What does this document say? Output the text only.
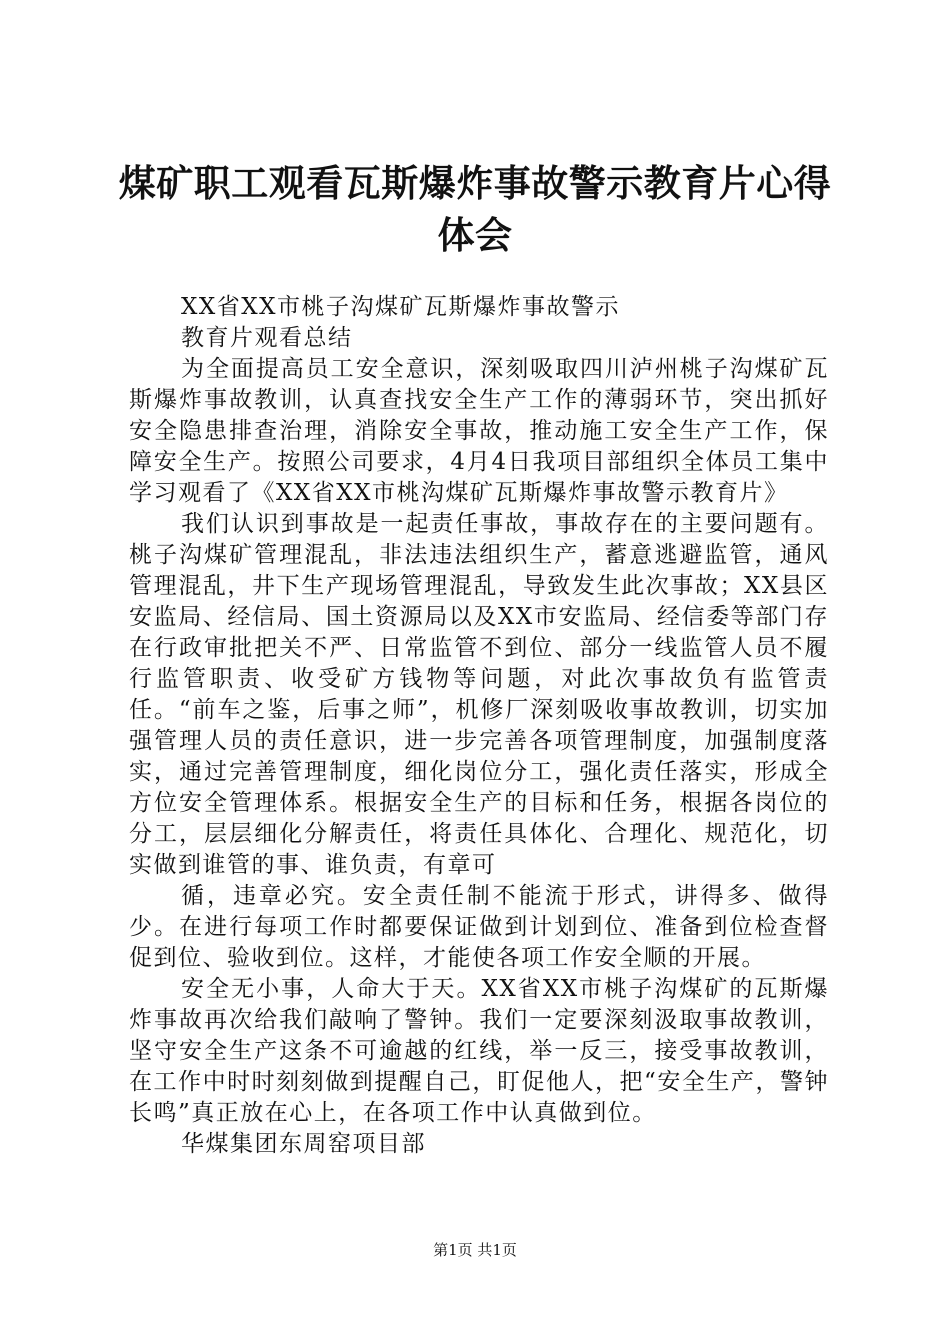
煤矿职工观看瓦斯爆炸事故警示教育片心得体会

XX省XX市桃子沟煤矿瓦斯爆炸事故警示

教育片观看总结

为全面提高员工安全意识，深刻吸取四川泸州桃子沟煤矿瓦斯爆炸事故教训，认真查找安全生产工作的薄弱环节，突出抓好安全隐患排查治理，消除安全事故，推动施工安全生产工作，保障安全生产。按照公司要求，4月4日我项目部组织全体员工集中学习观看了《XX省XX市桃沟煤矿瓦斯爆炸事故警示教育片》

我们认识到事故是一起责任事故，事故存在的主要问题有。桃子沟煤矿管理混乱，非法违法组织生产，蓄意逃避监管，通风管理混乱，井下生产现场管理混乱，导致发生此次事故；XX县区安监局、经信局、国土资源局以及XX市安监局、经信委等部门存在行政审批把关不严、日常监管不到位、部分一线监管人员不履行监管职责、收受矿方钱物等问题，对此次事故负有监管责任。“前车之鉴，后事之师”，机修厂深刻吸收事故教训，切实加强管理人员的责任意识，进一步完善各项管理制度，加强制度落实，通过完善管理制度，细化岗位分工，强化责任落实，形成全方位安全管理体系。根据安全生产的目标和任务，根据各岗位的分工，层层细化分解责任，将责任具体化、合理化、规范化，切实做到谁管的事、谁负责，有章可

循，违章必究。安全责任制不能流于形式，讲得多、做得少。在进行每项工作时都要保证做到计划到位、准备到位检查督促到位、验收到位。这样，才能使各项工作安全顺的开展。

安全无小事，人命大于天。XX省XX市桃子沟煤矿的瓦斯爆炸事故再次给我们敲响了警钟。我们一定要深刻汲取事故教训，坚守安全生产这条不可逾越的红线，举一反三，接受事故教训，在工作中时时刻刻做到提醒自己，盯促他人，把“安全生产，警钟长鸣”真正放在心上，在各项工作中认真做到位。

华煤集团东周窑项目部

第1页 共1页
